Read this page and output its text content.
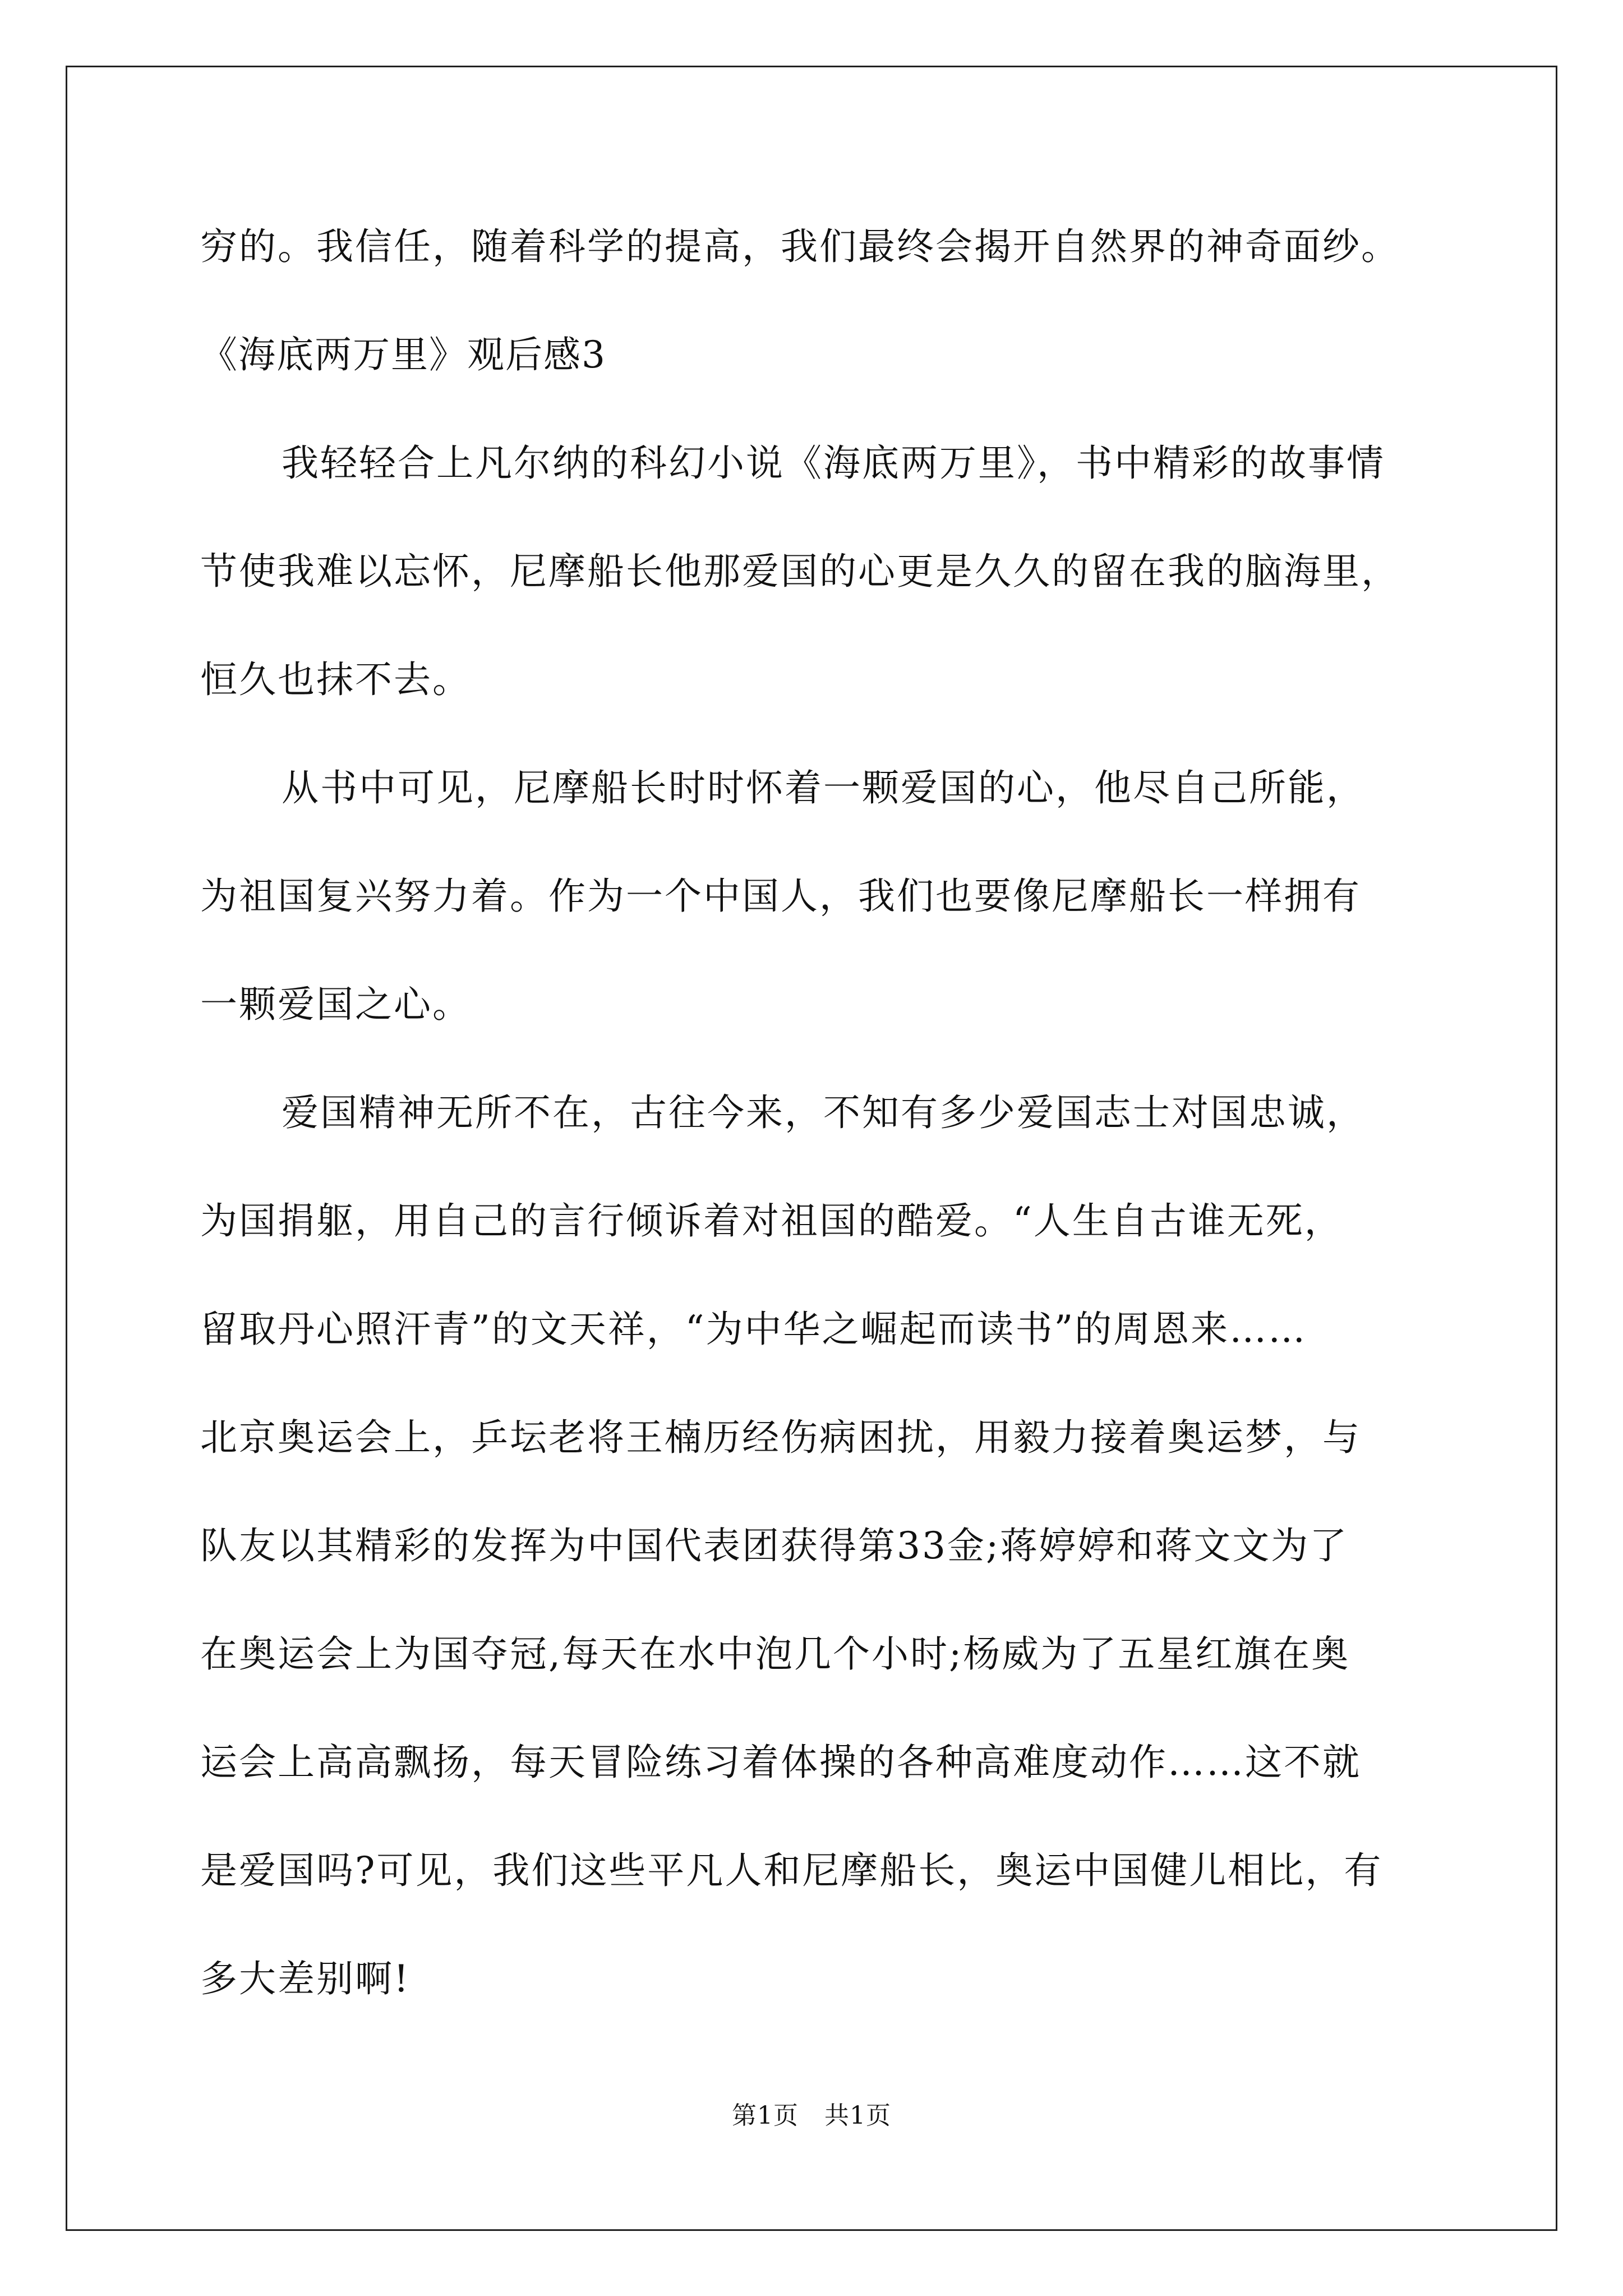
穷的。我信任，随着科学的提高，我们最终会揭开自然界的神奇面纱。
《海底两万里》观后感3
我轻轻合上凡尔纳的科幻小说《海底两万里》，书中精彩的故事情
节使我难以忘怀，尼摩船长他那爱国的心更是久久的留在我的脑海里，
恒久也抹不去。
从书中可见，尼摩船长时时怀着一颗爱国的心，他尽自己所能，
为祖国复兴努力着。作为一个中国人，我们也要像尼摩船长一样拥有
一颗爱国之心。
爱国精神无所不在，古往今来，不知有多少爱国志士对国忠诚，
为国捐躯，用自己的言行倾诉着对祖国的酷爱。“人生自古谁无死，
留取丹心照汗青”的文天祥，“为中华之崛起而读书”的周恩来……
北京奥运会上，乒坛老将王楠历经伤病困扰，用毅力接着奥运梦，与
队友以其精彩的发挥为中国代表团获得第33金;蒋婷婷和蒋文文为了
在奥运会上为国夺冠,每天在水中泡几个小时;杨威为了五星红旗在奥
运会上高高飘扬，每天冒险练习着体操的各种高难度动作……这不就
是爱国吗?可见，我们这些平凡人和尼摩船长，奥运中国健儿相比，有
多大差别啊!
第1页 共1页
